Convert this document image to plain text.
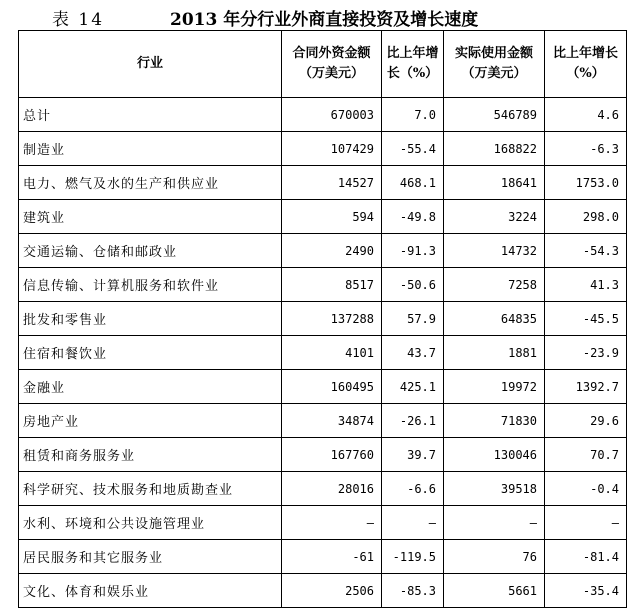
表 14	2013 年分行业外商直接投资及增长速度
行业	合同外资金额（万美元）	比上年增长（%）	实际使用金额（万美元）	比上年增长（%）
总计	670003	7.0	546789	4.6
制造业	107429	-55.4	168822	-6.3
电力、燃气及水的生产和供应业	14527	468.1	18641	1753.0
建筑业	594	-49.8	3224	298.0
交通运输、仓储和邮政业	2490	-91.3	14732	-54.3
信息传输、计算机服务和软件业	8517	-50.6	7258	41.3
批发和零售业	137288	57.9	64835	-45.5
住宿和餐饮业	4101	43.7	1881	-23.9
金融业	160495	425.1	19972	1392.7
房地产业	34874	-26.1	71830	29.6
租赁和商务服务业	167760	39.7	130046	70.7
科学研究、技术服务和地质勘查业	28016	-6.6	39518	-0.4
水利、环境和公共设施管理业	–	–	–	–
居民服务和其它服务业	-61	-119.5	76	-81.4
文化、体育和娱乐业	2506	-85.3	5661	-35.4
